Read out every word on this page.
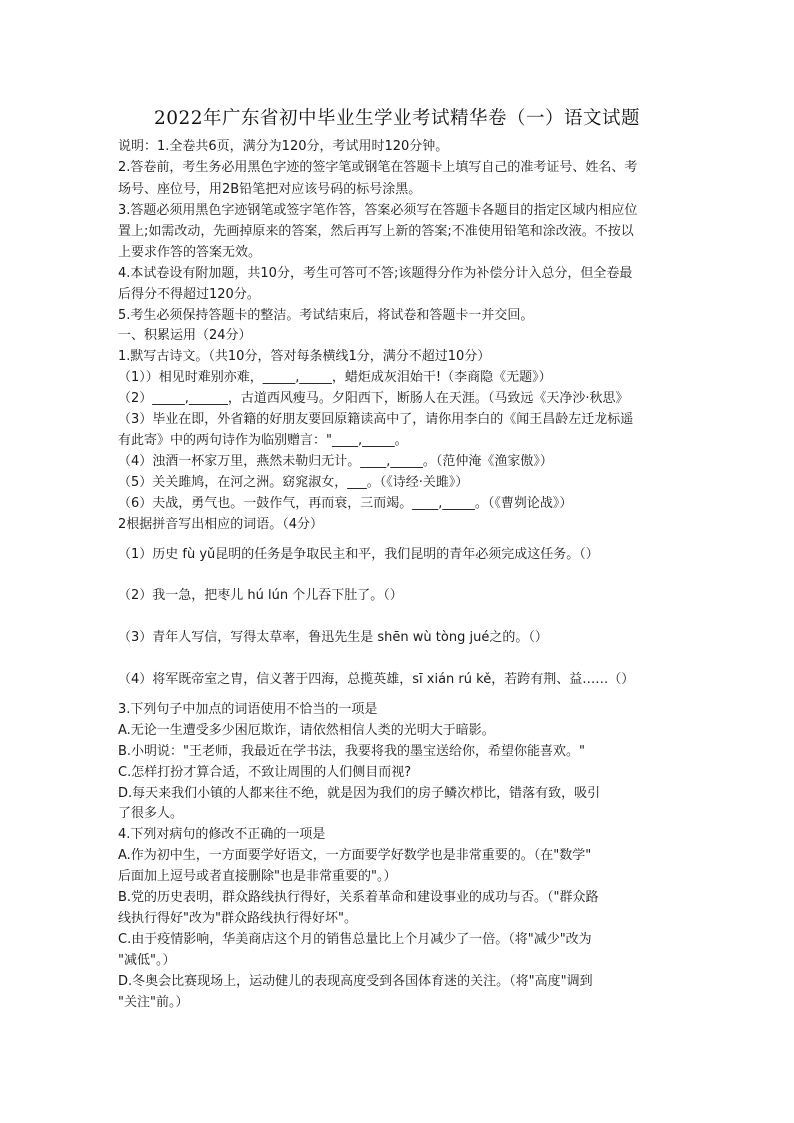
2022年广东省初中毕业生学业考试精华卷（一）语文试题
说明：1.全卷共6页，满分为120分，考试用时120分钟。
2.答卷前，考生务必用黑色字迹的签字笔或钢笔在答题卡上填写自己的准考证号、姓名、考
场号、座位号，用2B铅笔把对应该号码的标号涂黑。
3.答题必须用黑色字迹钢笔或签字笔作答，答案必须写在答题卡各题目的指定区域内相应位
置上;如需改动，先画掉原来的答案，然后再写上新的答案;不准使用铅笔和涂改液。不按以
上要求作答的答案无效。
4.本试卷设有附加题，共10分，考生可答可不答;该题得分作为补偿分计入总分，但全卷最
后得分不得超过120分。
5.考生必须保持答题卡的整洁。考试结束后，将试卷和答题卡一并交回。
一、积累运用（24分）
1.默写古诗文。（共10分，答对每条横线1分，满分不超过10分）
（1））相见时难别亦难，_____,_____，蜡炬成灰泪始干!（李商隐《无题》）
（2）_____,______，古道西风瘦马。夕阳西下，断肠人在天涯。（马致远《天净沙·秋思》
（3）毕业在即，外省籍的好朋友要回原籍读高中了，请你用李白的《闻王昌龄左迁龙标遥
有此寄》中的两句诗作为临别赠言："____,_____。
（4）浊酒一杯家万里，燕然未勒归无计。____,_____。（范仲淹《渔家傲》）
（5）关关雎鸠，在河之洲。窈窕淑女，___。（《诗经·关雎》）
（6）夫战，勇气也。一鼓作气，再而衰，三而竭。____,_____。（《曹刿论战》）
2根据拼音写出相应的词语。（4分）
（1）历史 fù yǔ昆明的任务是争取民主和平，我们昆明的青年必须完成这任务。（）
（2）我一急，把枣儿 hú lún 个儿吞下肚了。（）
（3）青年人写信，写得太草率，鲁迅先生是 shēn wù tòng jué之的。（）
（4）将军既帝室之胄，信义著于四海，总揽英雄，sī xián rú kě，若跨有荆、益……（）
3.下列句子中加点的词语使用不恰当的一项是
A.无论一生遭受多少困厄欺诈，请依然相信人类的光明大于暗影。
B.小明说："王老师，我最近在学书法，我要将我的墨宝送给你，希望你能喜欢。"
C.怎样打扮才算合适，不致让周围的人们侧目而视?
D.每天来我们小镇的人都来往不绝，就是因为我们的房子鳞次栉比，错落有致，吸引
了很多人。
4.下列对病句的修改不正确的一项是
A.作为初中生，一方面要学好语文，一方面要学好数学也是非常重要的。（在"数学"
后面加上逗号或者直接删除"也是非常重要的"。）
B.党的历史表明，群众路线执行得好，关系着革命和建设事业的成功与否。（"群众路
线执行得好"改为"群众路线执行得好坏"。
C.由于疫情影响，华美商店这个月的销售总量比上个月减少了一倍。（将"减少"改为
"减低"。）
D.冬奥会比赛现场上，运动健儿的表现高度受到各国体育迷的关注。（将"高度"调到
"关注"前。）
